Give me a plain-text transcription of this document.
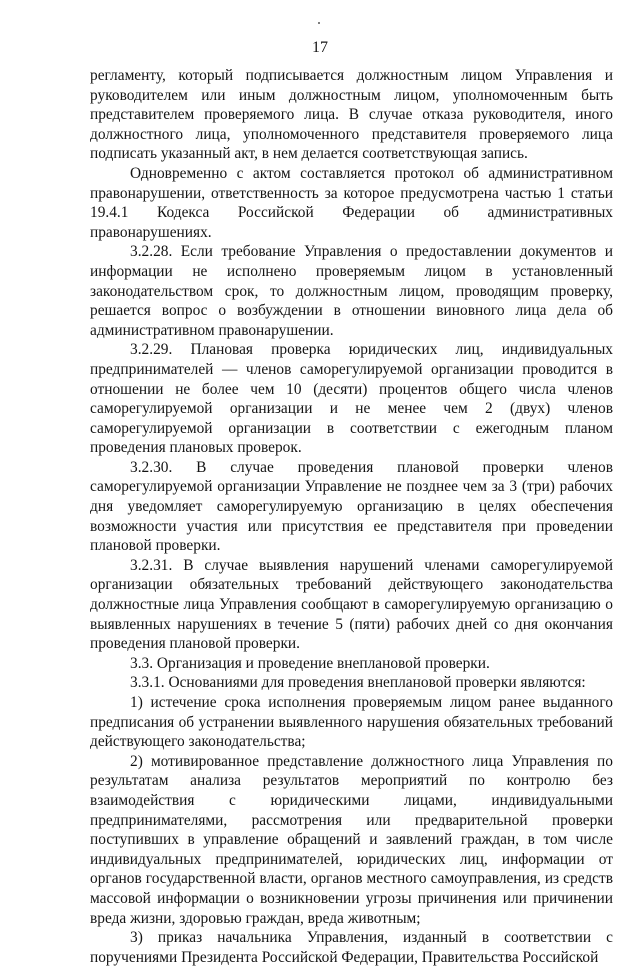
17

регламенту, который подписывается должностным лицом Управления и руководителем или иным должностным лицом, уполномоченным быть представителем проверяемого лица. В случае отказа руководителя, иного должностного лица, уполномоченного представителя проверяемого лица подписать указанный акт, в нем делается соответствующая запись.

Одновременно с актом составляется протокол об административном правонарушении, ответственность за которое предусмотрена частью 1 статьи 19.4.1 Кодекса Российской Федерации об административных правонарушениях.

3.2.28. Если требование Управления о предоставлении документов и информации не исполнено проверяемым лицом в установленный законодательством срок, то должностным лицом, проводящим проверку, решается вопрос о возбуждении в отношении виновного лица дела об административном правонарушении.

3.2.29. Плановая проверка юридических лиц, индивидуальных предпринимателей — членов саморегулируемой организации проводится в отношении не более чем 10 (десяти) процентов общего числа членов саморегулируемой организации и не менее чем 2 (двух) членов саморегулируемой организации в соответствии с ежегодным планом проведения плановых проверок.

3.2.30. В случае проведения плановой проверки членов саморегулируемой организации Управление не позднее чем за 3 (три) рабочих дня уведомляет саморегулируемую организацию в целях обеспечения возможности участия или присутствия ее представителя при проведении плановой проверки.

3.2.31. В случае выявления нарушений членами саморегулируемой организации обязательных требований действующего законодательства должностные лица Управления сообщают в саморегулируемую организацию о выявленных нарушениях в течение 5 (пяти) рабочих дней со дня окончания проведения плановой проверки.

3.3. Организация и проведение внеплановой проверки.

3.3.1. Основаниями для проведения внеплановой проверки являются:

1) истечение срока исполнения проверяемым лицом ранее выданного предписания об устранении выявленного нарушения обязательных требований действующего законодательства;

2) мотивированное представление должностного лица Управления по результатам анализа результатов мероприятий по контролю без взаимодействия с юридическими лицами, индивидуальными предпринимателями, рассмотрения или предварительной проверки поступивших в управление обращений и заявлений граждан, в том числе индивидуальных предпринимателей, юридических лиц, информации от органов государственной власти, органов местного самоуправления, из средств массовой информации о возникновении угрозы причинения или причинении вреда жизни, здоровью граждан, вреда животным;

3) приказ начальника Управления, изданный в соответствии с поручениями Президента Российской Федерации, Правительства Российской
